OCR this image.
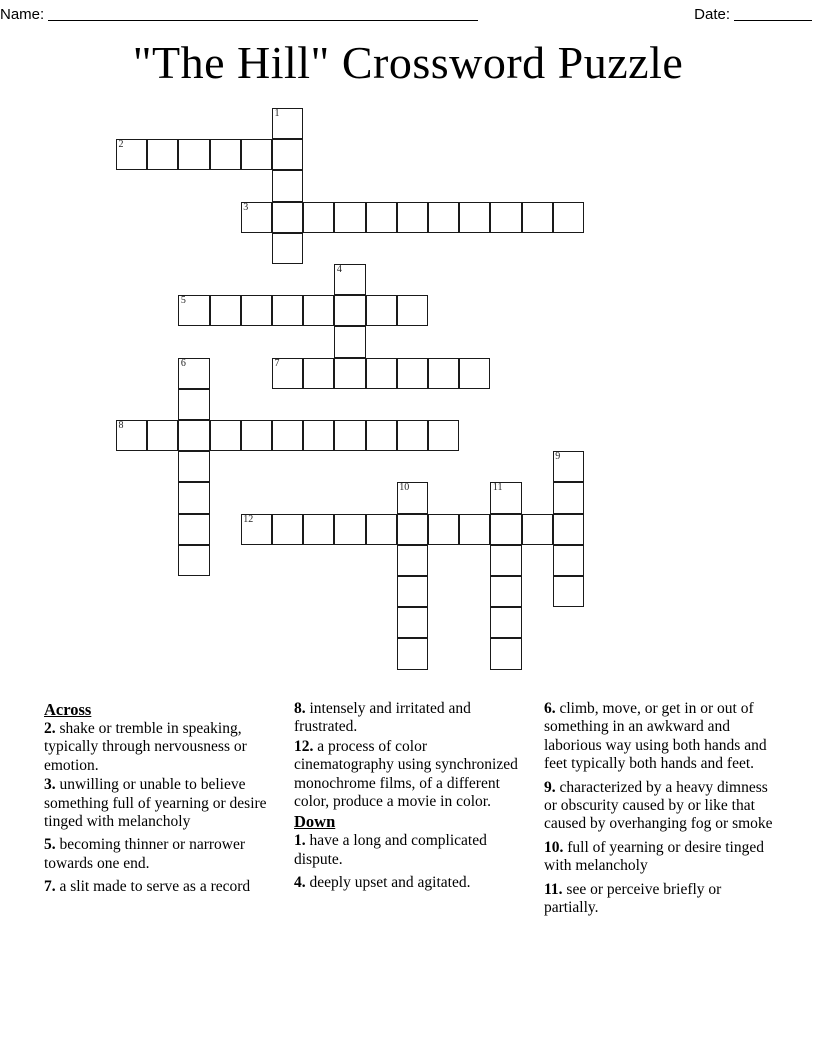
Name:	Date:
"The Hill" Crossword Puzzle
1
2
3
4
5
6	7
8
9
10	11
12
Across

2. shake or tremble in speaking, typically through nervousness or emotion.

3. unwilling or unable to believe something full of yearning or desire tinged with melancholy

5. becoming thinner or narrower towards one end.

7. a slit made to serve as a record

8. intensely and irritated and frustrated.

12. a process of color cinematography using synchronized monochrome films, of a different color, produce a movie in color.

Down

1. have a long and complicated dispute.

4. deeply upset and agitated.

6. climb, move, or get in or out of something in an awkward and laborious way using both hands and feet typically both hands and feet.

9. characterized by a heavy dimness or obscurity caused by or like that caused by overhanging fog or smoke

10. full of yearning or desire tinged with melancholy

11. see or perceive briefly or partially.
